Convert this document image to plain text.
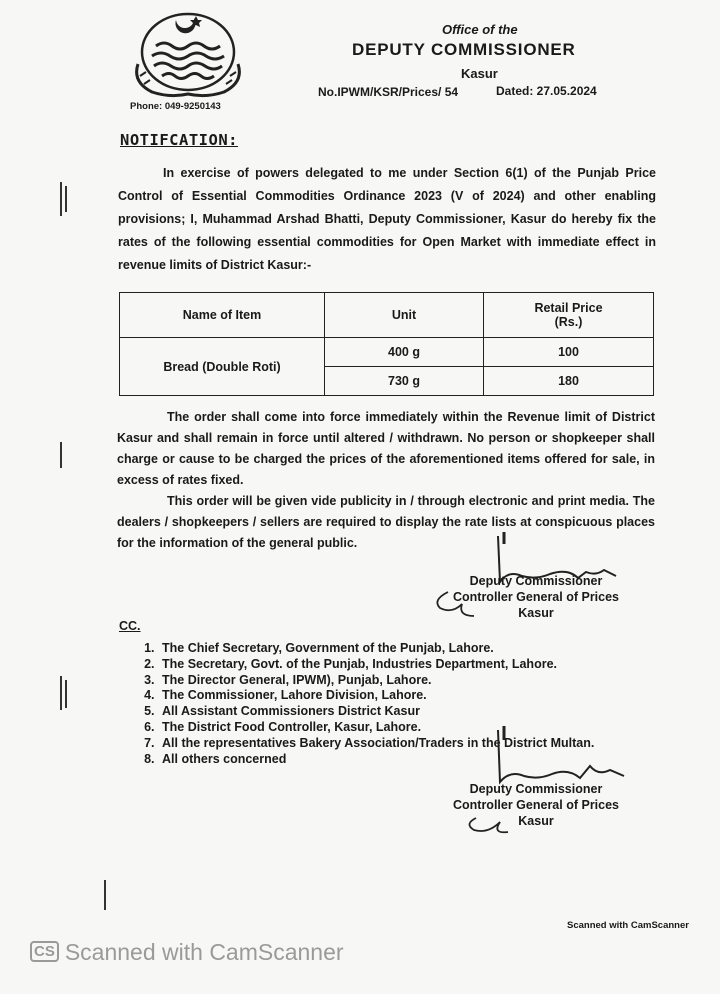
Office of the
DEPUTY COMMISSIONER
Kasur
No.IPWM/KSR/Prices/ 54	Dated: 27.05.2024
Phone: 049-9250143
NOTIFCATION:
In exercise of powers delegated to me under Section 6(1) of the Punjab Price Control of Essential Commodities Ordinance 2023 (V of 2024) and other enabling provisions; I, Muhammad Arshad Bhatti, Deputy Commissioner, Kasur do hereby fix the rates of the following essential commodities for Open Market with immediate effect in revenue limits of District Kasur:-
Name of Item	Unit	Retail Price (Rs.)
Bread (Double Roti)	400 g	100
	730 g	180
The order shall come into force immediately within the Revenue limit of District Kasur and shall remain in force until altered / withdrawn. No person or shopkeeper shall charge or cause to be charged the prices of the aforementioned items offered for sale, in excess of rates fixed.
This order will be given vide publicity in / through electronic and print media. The dealers / shopkeepers / sellers are required to display the rate lists at conspicuous places for the information of the general public.
Deputy Commissioner
Controller General of Prices
Kasur
CC.
1. The Chief Secretary, Government of the Punjab, Lahore.
2. The Secretary, Govt. of the Punjab, Industries Department, Lahore.
3. The Director General, IPWM), Punjab, Lahore.
4. The Commissioner, Lahore Division, Lahore.
5. All Assistant Commissioners District Kasur
6. The District Food Controller, Kasur, Lahore.
7. All the representatives Bakery Association/Traders in the District Multan.
8. All others concerned
Deputy Commissioner
Controller General of Prices
Kasur
Scanned with CamScanner
CS Scanned with CamScanner
